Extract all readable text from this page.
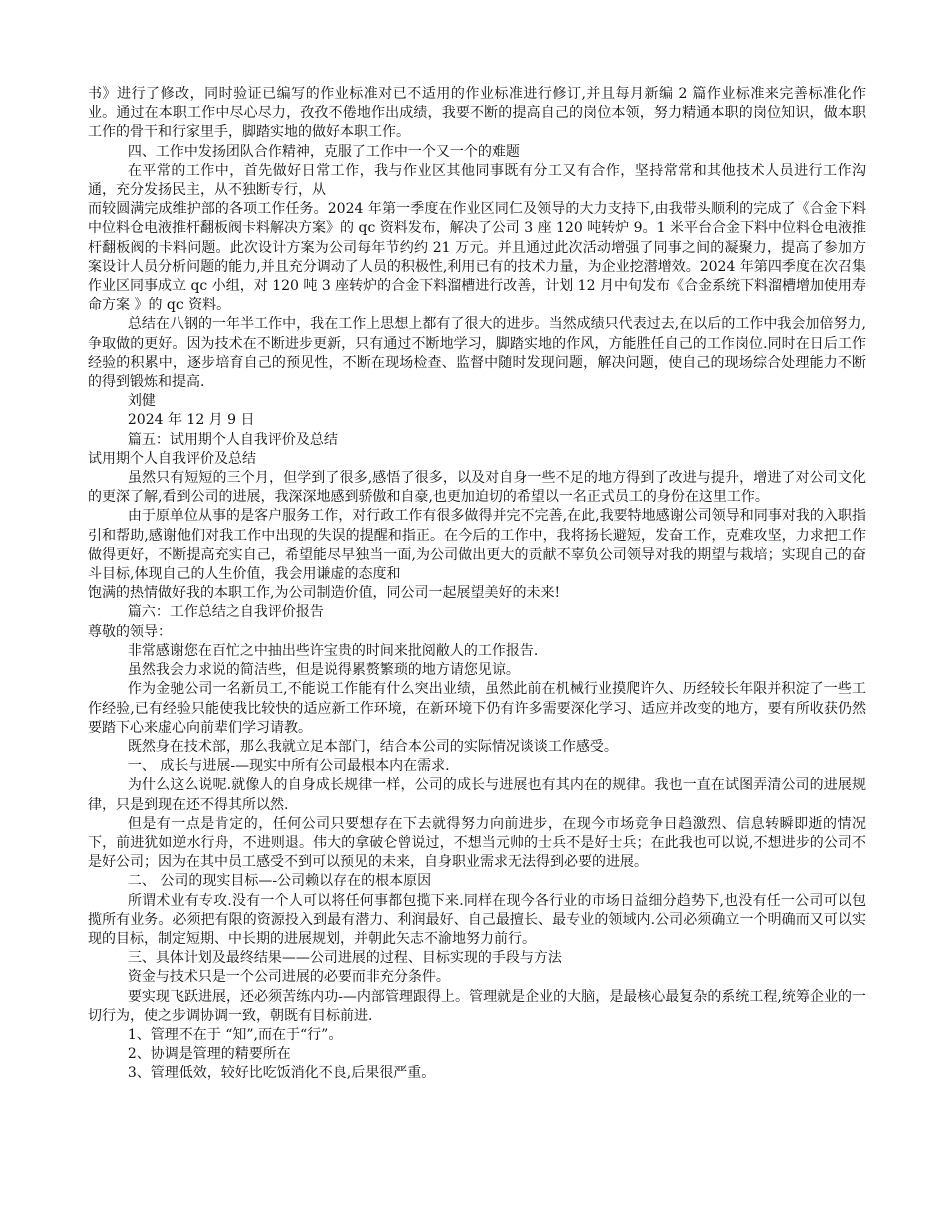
书》进行了修改，同时验证已编写的作业标准对已不适用的作业标准进行修订,并且每月新编 2 篇作业标准来完善标准化作业。通过在本职工作中尽心尽力，孜孜不倦地作出成绩，我要不断的提高自己的岗位本领，努力精通本职的岗位知识，做本职工作的骨干和行家里手，脚踏实地的做好本职工作。

四、工作中发扬团队合作精神，克服了工作中一个又一个的难题

在平常的工作中，首先做好日常工作，我与作业区其他同事既有分工又有合作，坚持常常和其他技术人员进行工作沟通，充分发扬民主，从不独断专行，从

而较圆满完成维护部的各项工作任务。2024 年第一季度在作业区同仁及领导的大力支持下,由我带头顺利的完成了《合金下料中位料仓电液推杆翻板阀卡料解决方案》的 qc 资料发布，解决了公司 3 座 120 吨转炉 9。1 米平台合金下料中位料仓电液推杆翻板阀的卡料问题。此次设计方案为公司每年节约约 21 万元。并且通过此次活动增强了同事之间的凝聚力，提高了参加方案设计人员分析问题的能力,并且充分调动了人员的积极性,利用已有的技术力量，为企业挖潜增效。2024 年第四季度在次召集作业区同事成立 qc 小组，对 120 吨 3 座转炉的合金下料溜槽进行改善，计划 12 月中旬发布《合金系统下料溜槽增加使用寿命方案 》的 qc 资料。

总结在八钢的一年半工作中，我在工作上思想上都有了很大的进步。当然成绩只代表过去,在以后的工作中我会加倍努力,争取做的更好。因为技术在不断进步更新，只有通过不断地学习，脚踏实地的作风，方能胜任自己的工作岗位.同时在日后工作经验的积累中，逐步培育自己的预见性，不断在现场检查、监督中随时发现问题，解决问题，使自己的现场综合处理能力不断的得到锻炼和提高.

刘健

2024 年 12 月 9 日

篇五：试用期个人自我评价及总结

试用期个人自我评价及总结

虽然只有短短的三个月，但学到了很多,感悟了很多，以及对自身一些不足的地方得到了改进与提升，增进了对公司文化的更深了解,看到公司的进展，我深深地感到骄傲和自豪,也更加迫切的希望以一名正式员工的身份在这里工作。

由于原单位从事的是客户服务工作，对行政工作有很多做得并完不完善,在此,我要特地感谢公司领导和同事对我的入职指引和帮助,感谢他们对我工作中出现的失误的提醒和指正。在今后的工作中，我将扬长避短，发奋工作，克难攻坚，力求把工作做得更好，不断提高充实自己，希望能尽早独当一面,为公司做出更大的贡献不辜负公司领导对我的期望与栽培；实现自己的奋斗目标,体现自己的人生价值，我会用谦虚的态度和

饱满的热情做好我的本职工作,为公司制造价值，同公司一起展望美好的未来!

篇六：工作总结之自我评价报告

尊敬的领导：

非常感谢您在百忙之中抽出些许宝贵的时间来批阅敝人的工作报告.

虽然我会力求说的简洁些，但是说得累赘繁琐的地方请您见谅。

作为金驰公司一名新员工,不能说工作能有什么突出业绩，虽然此前在机械行业摸爬许久、历经较长年限并积淀了一些工作经验,已有经验只能使我比较快的适应新工作环境，在新环境下仍有许多需要深化学习、适应并改变的地方，要有所收获仍然要踏下心来虚心向前辈们学习请教。

既然身在技术部，那么我就立足本部门，结合本公司的实际情况谈谈工作感受。

一、 成长与进展-—现实中所有公司最根本内在需求.

为什么这么说呢.就像人的自身成长规律一样，公司的成长与进展也有其内在的规律。我也一直在试图弄清公司的进展规律，只是到现在还不得其所以然.

但是有一点是肯定的，任何公司只要想存在下去就得努力向前进步，在现今市场竞争日趋激烈、信息转瞬即逝的情况下，前进犹如逆水行舟，不进则退。伟大的拿破仑曾说过，不想当元帅的士兵不是好士兵；在此我也可以说,不想进步的公司不是好公司；因为在其中员工感受不到可以预见的未来，自身职业需求无法得到必要的进展。

二、 公司的现实目标—-公司赖以存在的根本原因

所谓术业有专攻.没有一个人可以将任何事都包揽下来.同样在现今各行业的市场日益细分趋势下,也没有任一公司可以包揽所有业务。必须把有限的资源投入到最有潜力、利润最好、自己最擅长、最专业的领域内.公司必须确立一个明确而又可以实现的目标，制定短期、中长期的进展规划，并朝此矢志不渝地努力前行。

三、具体计划及最终结果——公司进展的过程、目标实现的手段与方法

资金与技术只是一个公司进展的必要而非充分条件。

要实现飞跃进展，还必须苦练内功-—内部管理跟得上。管理就是企业的大脑，是最核心最复杂的系统工程,统筹企业的一切行为，使之步调协调一致，朝既有目标前进.

1、管理不在于 “知”,而在于“行”。

2、协调是管理的精要所在

3、管理低效，较好比吃饭消化不良,后果很严重。
